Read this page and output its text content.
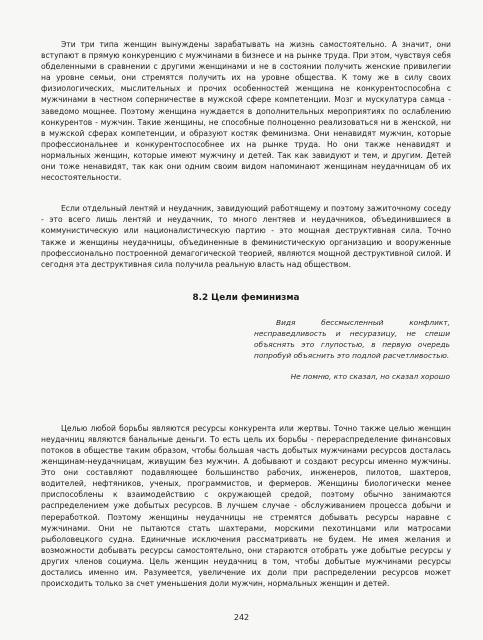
Эти три типа женщин вынуждены зарабатывать на жизнь самостоятельно. А значит, они вступают в прямую конкуренцию с мужчинами в бизнесе и на рынке труда. При этом, чувствуя себя обделенными в сравнении с другими женщинами и не в состоянии получить женские привилегии на уровне семьи, они стремятся получить их на уровне общества. К тому же в силу своих физиологических, мыслительных и прочих особенностей женщина не конкурентоспособна с мужчинами в честном соперничестве в мужской сфере компетенции. Мозг и мускулатура самца - заведомо мощнее. Поэтому женщина нуждается в дополнительных мероприятиях по ослаблению конкурентов - мужчин. Такие женщины, не способные полноценно реализоваться ни в женской, ни в мужской сферах компетенции, и образуют костяк феминизма. Они ненавидят мужчин, которые профессиональнее и конкурентоспособнее их на рынке труда. Но они также ненавидят и нормальных женщин, которые имеют мужчину и детей. Так как завидуют и тем, и другим. Детей они тоже ненавидят, так как они одним своим видом напоминают женщинам неудачницам об их несостоятельности.

Если отдельный лентяй и неудачник, завидующий работящему и поэтому зажиточному соседу - это всего лишь лентяй и неудачник, то много лентяев и неудачников, объединившиеся в коммунистическую или националистическую партию - это мощная деструктивная сила. Точно также и женщины неудачницы, объединенные в феминистическую организацию и вооруженные профессионально построенной демагогической теорией, являются мощной деструктивной силой. И сегодня эта деструктивная сила получила реальную власть над обществом.

8.2 Цели феминизма

Видя бессмысленный конфликт, несправедливость и несуразицу, не спеши объяснять это глупостью, в первую очередь попробуй объяснить это подлой расчетливостью.

Не помню, кто сказал, но сказал хорошо

Целью любой борьбы являются ресурсы конкурента или жертвы. Точно также целью женщин неудачниц являются банальные деньги. То есть цель их борьбы - перераспределение финансовых потоков в обществе таким образом, чтобы большая часть добытых мужчинами ресурсов досталась женщинам-неудачницам, живущим без мужчин. А добывают и создают ресурсы именно мужчины. Это они составляют подавляющее большинство рабочих, инженеров, пилотов, шахтеров, водителей, нефтяников, ученых, программистов, и фермеров. Женщины биологически менее приспособлены к взаимодействию с окружающей средой, поэтому обычно занимаются распределением уже добытых ресурсов. В лучшем случае - обслуживанием процесса добычи и переработкой. Поэтому женщины неудачницы не стремятся добывать ресурсы наравне с мужчинами. Они не пытаются стать шахтерами, морскими пехотинцами или матросами рыболовецкого судна. Единичные исключения рассматривать не будем. Не имея желания и возможности добывать ресурсы самостоятельно, они стараются отобрать уже добытые ресурсы у других членов социума. Цель женщин неудачниц в том, чтобы добытые мужчинами ресурсы достались именно им. Разумеется, увеличение их доли при распределении ресурсов может происходить только за счет уменьшения доли мужчин, нормальных женщин и детей.

242
